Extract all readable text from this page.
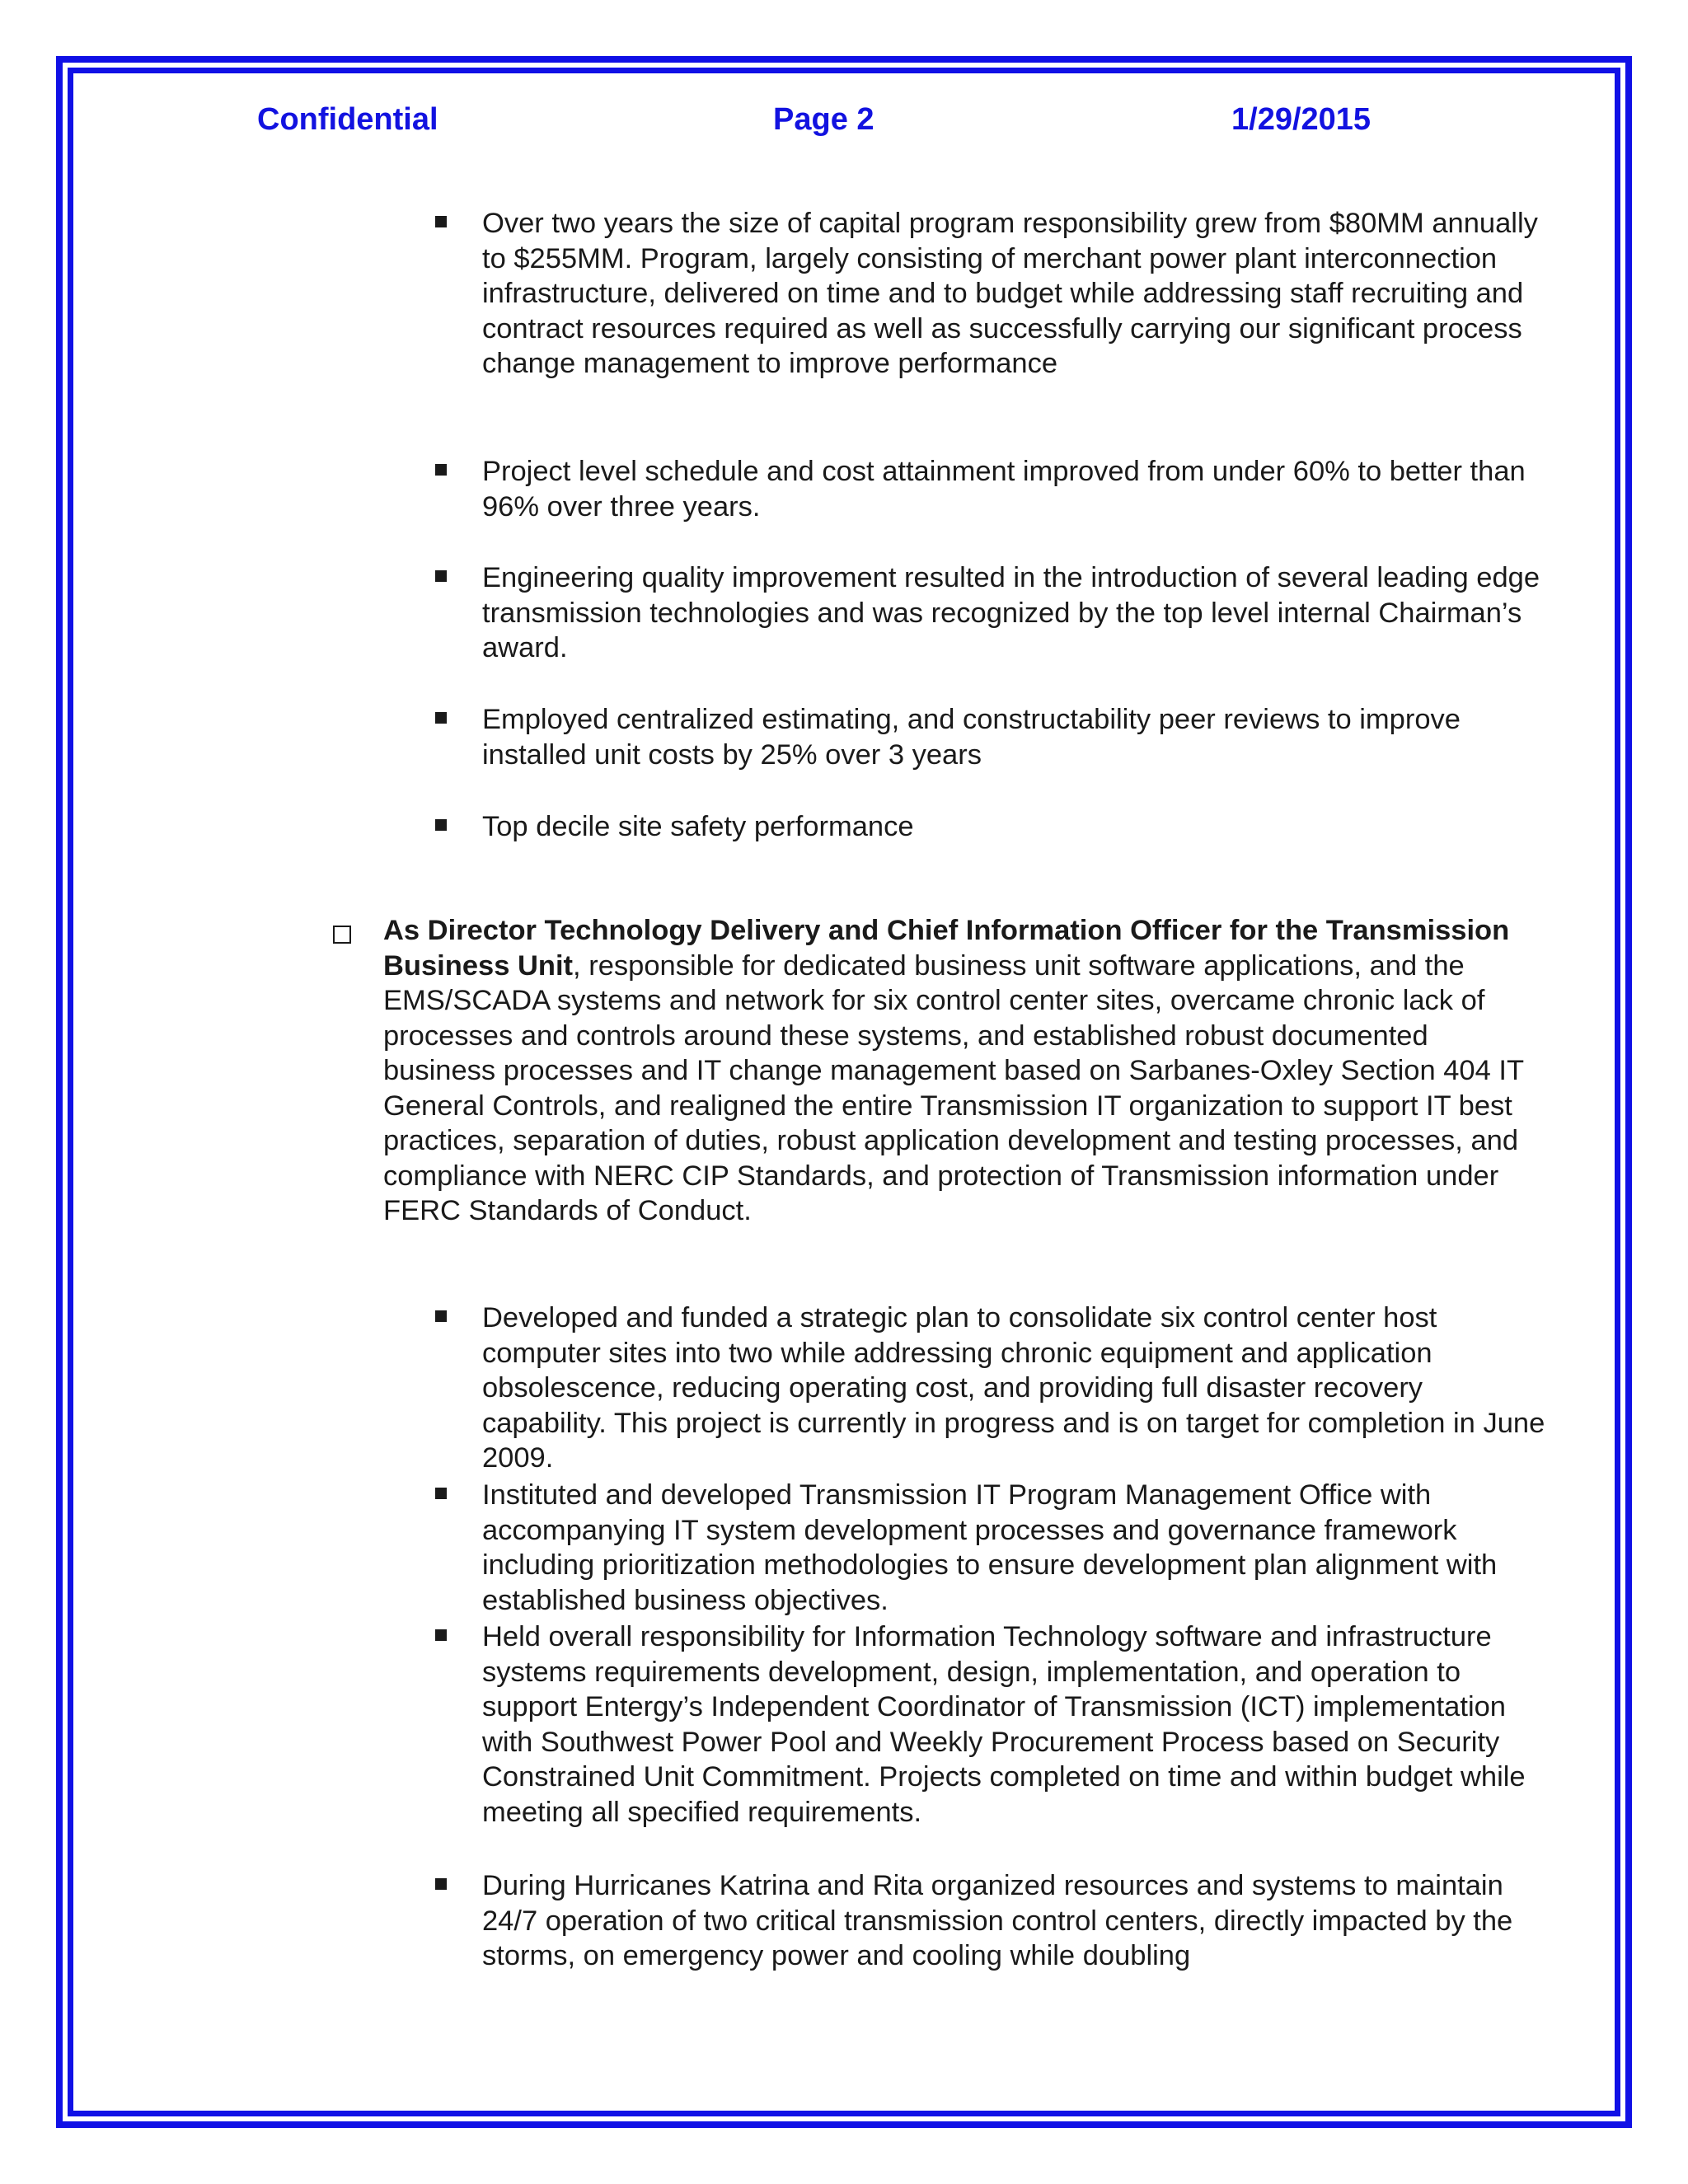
Confidential	Page 2	1/29/2015
Over two years the size of capital program responsibility grew from $80MM annually to $255MM. Program, largely consisting of merchant power plant interconnection infrastructure, delivered on time and to budget while addressing staff recruiting and contract resources required as well as successfully carrying our significant process change management to improve performance
Project level schedule and cost attainment improved from under 60% to better than 96% over three years.
Engineering quality improvement resulted in the introduction of several leading edge transmission technologies and was recognized by the top level internal Chairman’s award.
Employed centralized estimating, and constructability peer reviews to improve installed unit costs by 25% over 3 years
Top decile site safety performance
As Director Technology Delivery and Chief Information Officer for the Transmission Business Unit, responsible for dedicated business unit software applications, and the EMS/SCADA systems and network for six control center sites, overcame chronic lack of processes and controls around these systems, and established robust documented business processes and IT change management based on Sarbanes-Oxley Section 404 IT General Controls, and realigned the entire Transmission IT organization to support IT best practices, separation of duties, robust application development and testing processes, and compliance with NERC CIP Standards, and protection of Transmission information under FERC Standards of Conduct.
Developed and funded a strategic plan to consolidate six control center host computer sites into two while addressing chronic equipment and application obsolescence, reducing operating cost, and providing full disaster recovery capability. This project is currently in progress and is on target for completion in June 2009.
Instituted and developed Transmission IT Program Management Office with accompanying IT system development processes and governance framework including prioritization methodologies to ensure development plan alignment with established business objectives.
Held overall responsibility for Information Technology software and infrastructure systems requirements development, design, implementation, and operation to support Entergy’s Independent Coordinator of Transmission (ICT) implementation with Southwest Power Pool and Weekly Procurement Process based on Security Constrained Unit Commitment. Projects completed on time and within budget while meeting all specified requirements.
During Hurricanes Katrina and Rita organized resources and systems to maintain 24/7 operation of two critical transmission control centers, directly impacted by the storms, on emergency power and cooling while doubling
